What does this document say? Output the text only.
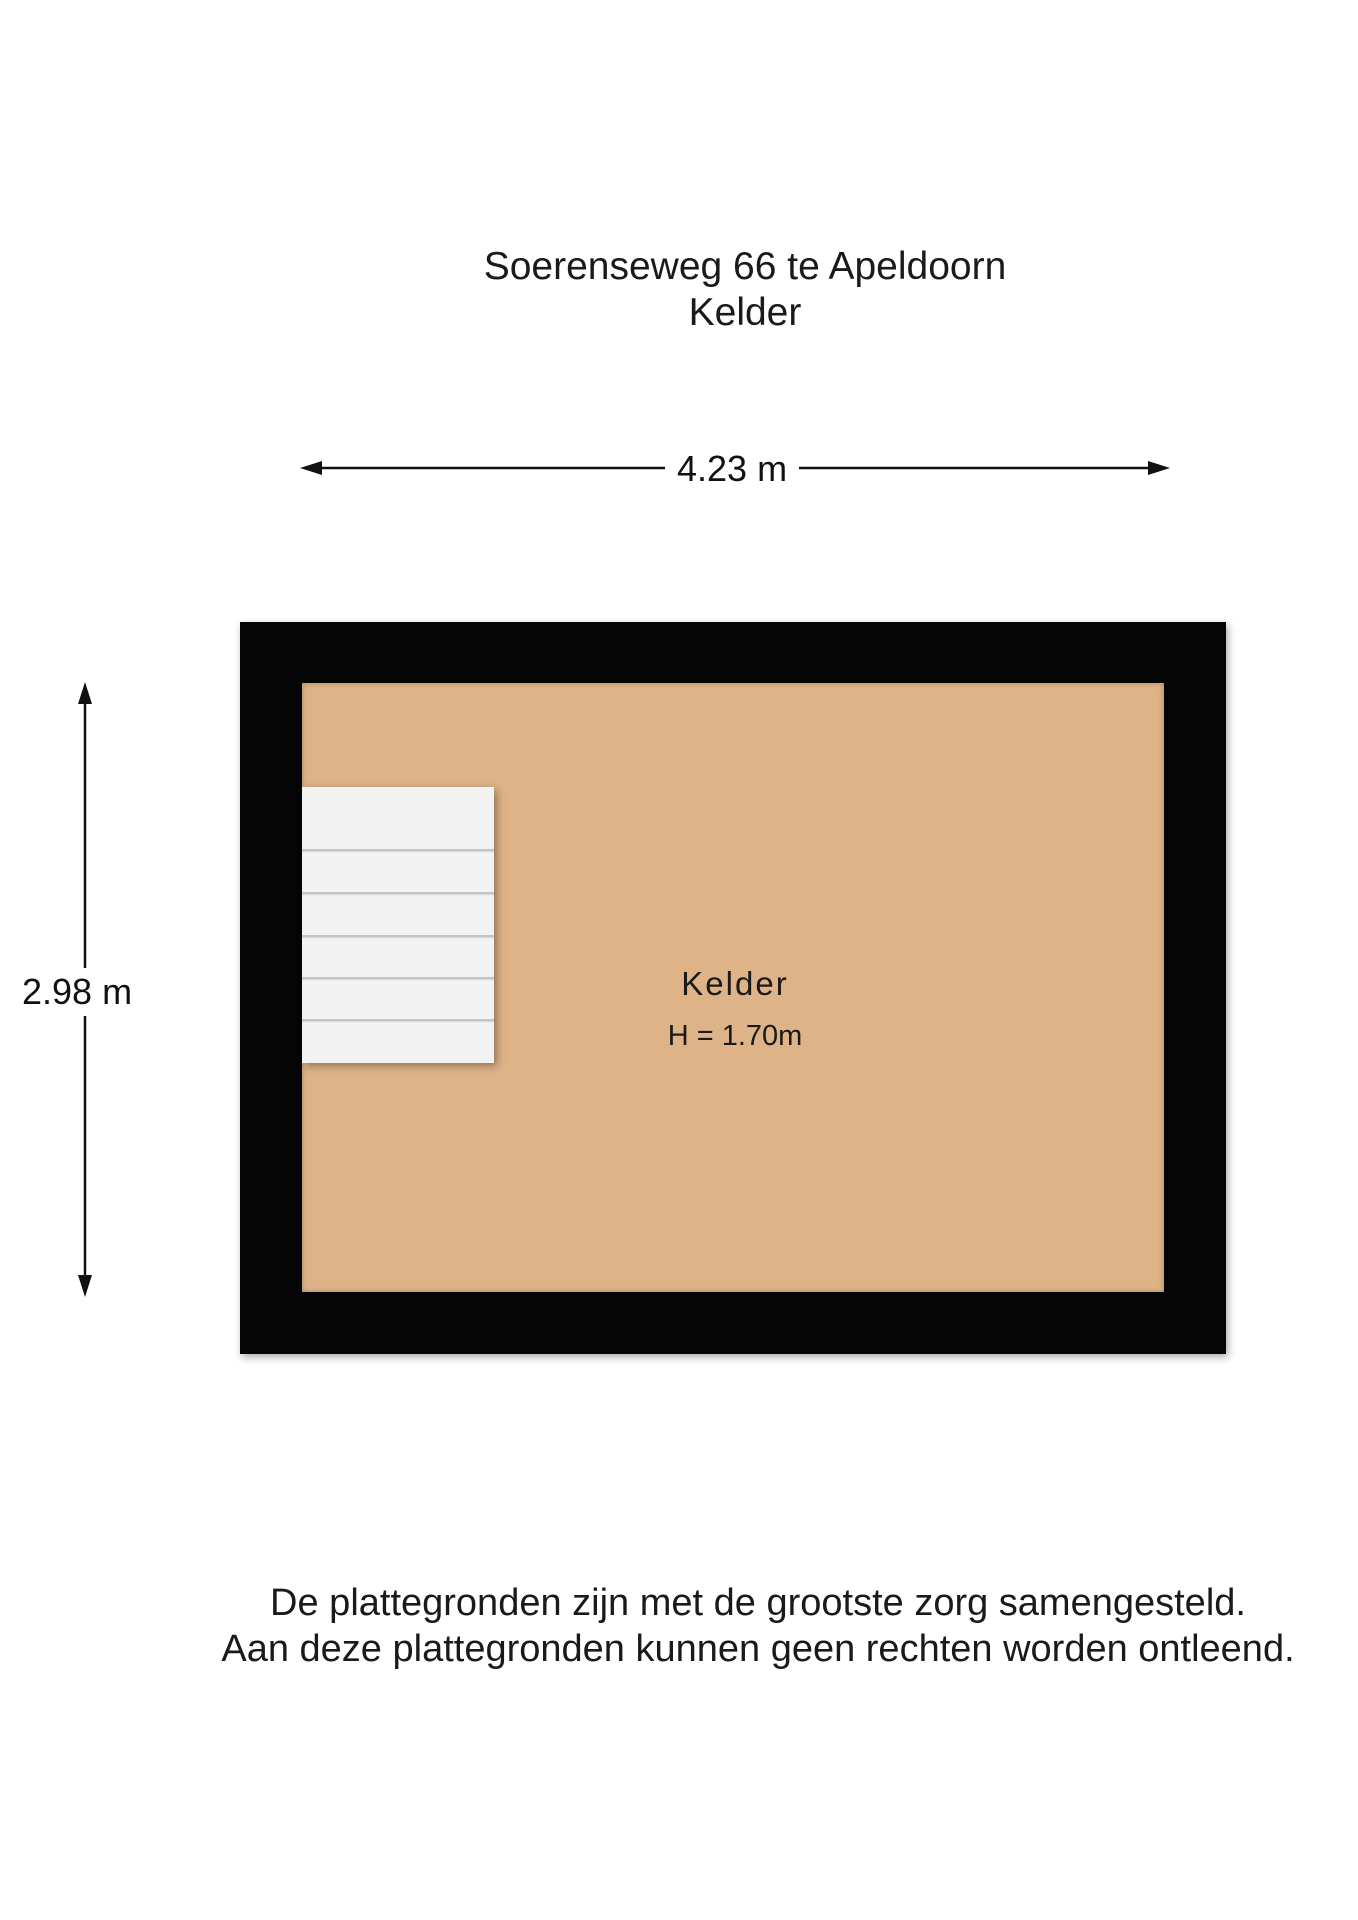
Soerenseweg 66 te Apeldoorn
Kelder
4.23 m
2.98 m	Kelder
H = 1.70m
De plattegronden zijn met de grootste zorg samengesteld.
Aan deze plattegronden kunnen geen rechten worden ontleend.
